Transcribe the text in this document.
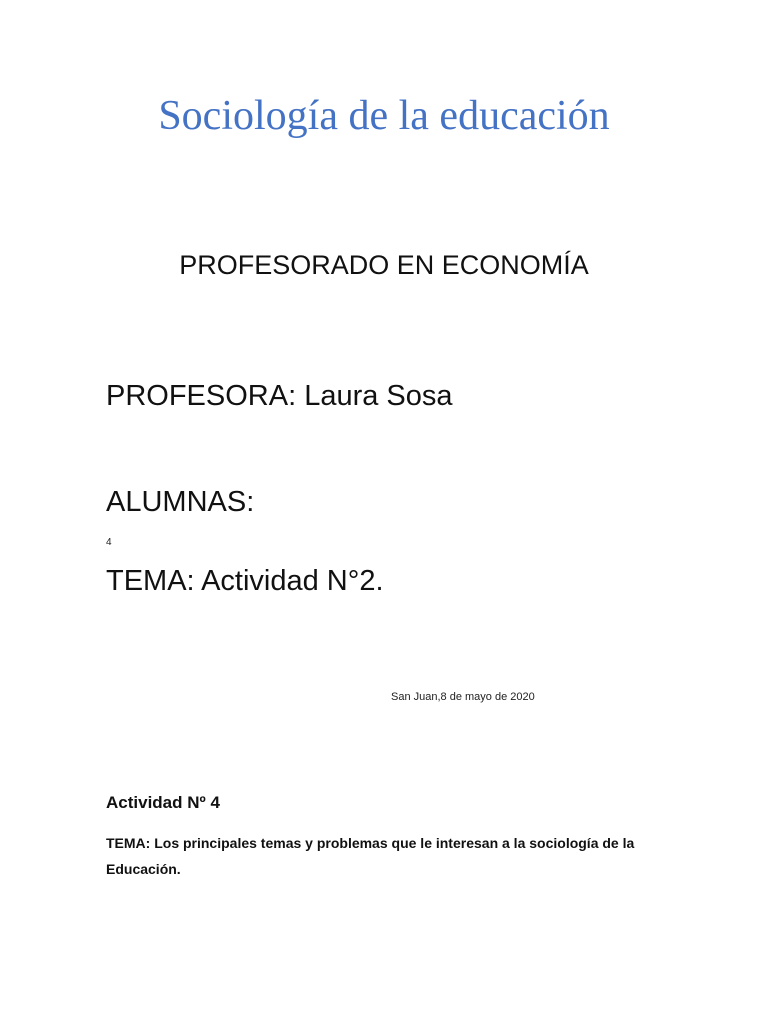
Sociología de la educación
PROFESORADO EN ECONOMÍA
PROFESORA: Laura Sosa
ALUMNAS:
4
TEMA: Actividad N°2.
San Juan,8 de mayo de 2020
Actividad Nº 4
TEMA: Los principales temas y problemas que le interesan a la sociología de la Educación.
